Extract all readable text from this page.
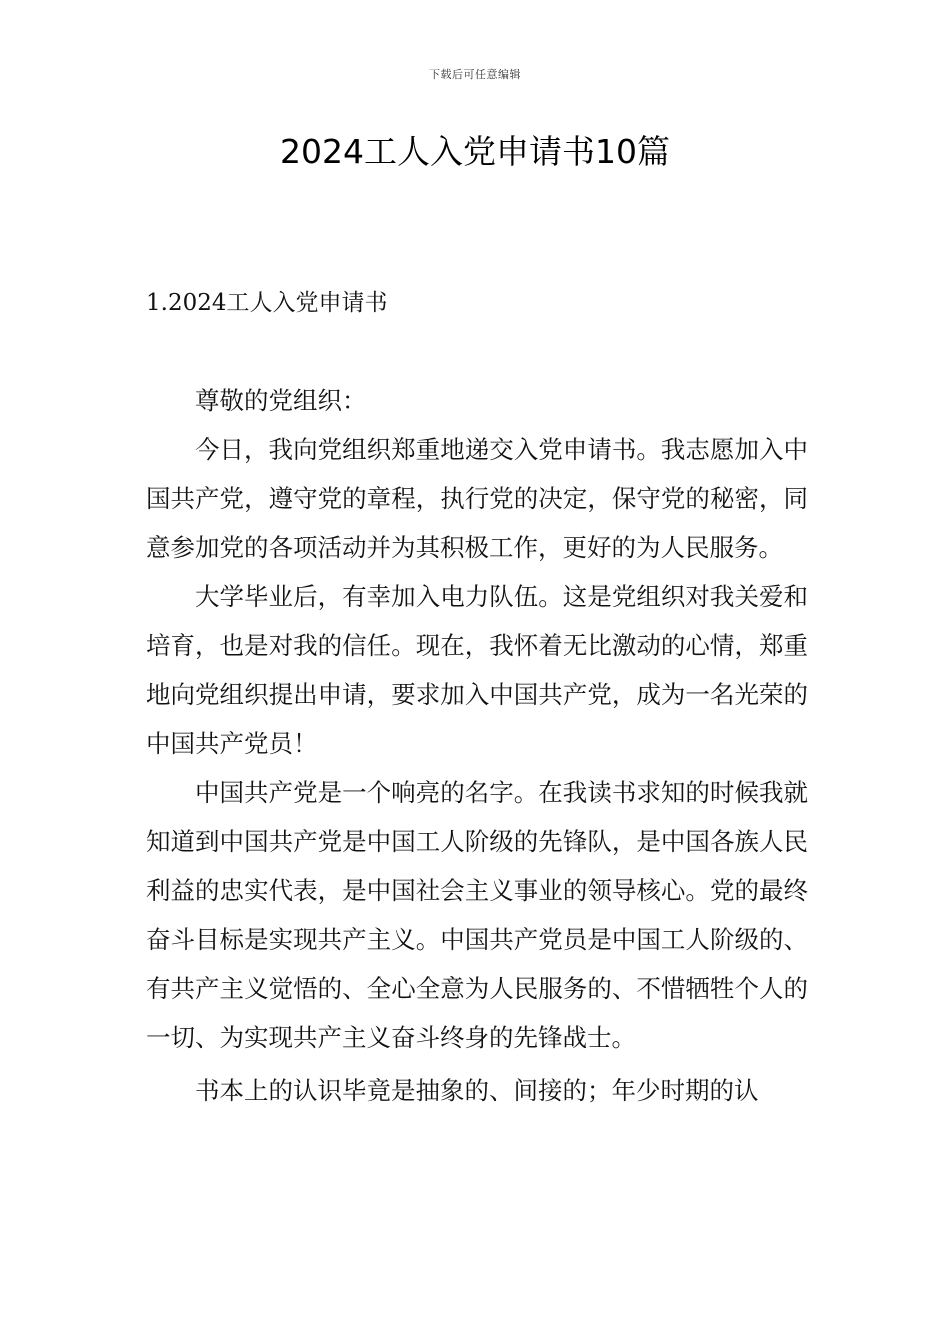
下载后可任意编辑
2024工人入党申请书10篇
1.2024工人入党申请书

尊敬的党组织：

今日，我向党组织郑重地递交入党申请书。我志愿加入中国共产党，遵守党的章程，执行党的决定，保守党的秘密，同意参加党的各项活动并为其积极工作，更好的为人民服务。

大学毕业后，有幸加入电力队伍。这是党组织对我关爱和培育，也是对我的信任。现在，我怀着无比激动的心情，郑重地向党组织提出申请，要求加入中国共产党，成为一名光荣的中国共产党员！

中国共产党是一个响亮的名字。在我读书求知的时候我就知道到中国共产党是中国工人阶级的先锋队，是中国各族人民利益的忠实代表，是中国社会主义事业的领导核心。党的最终奋斗目标是实现共产主义。中国共产党员是中国工人阶级的、有共产主义觉悟的、全心全意为人民服务的、不惜牺牲个人的一切、为实现共产主义奋斗终身的先锋战士。

书本上的认识毕竟是抽象的、间接的；年少时期的认
